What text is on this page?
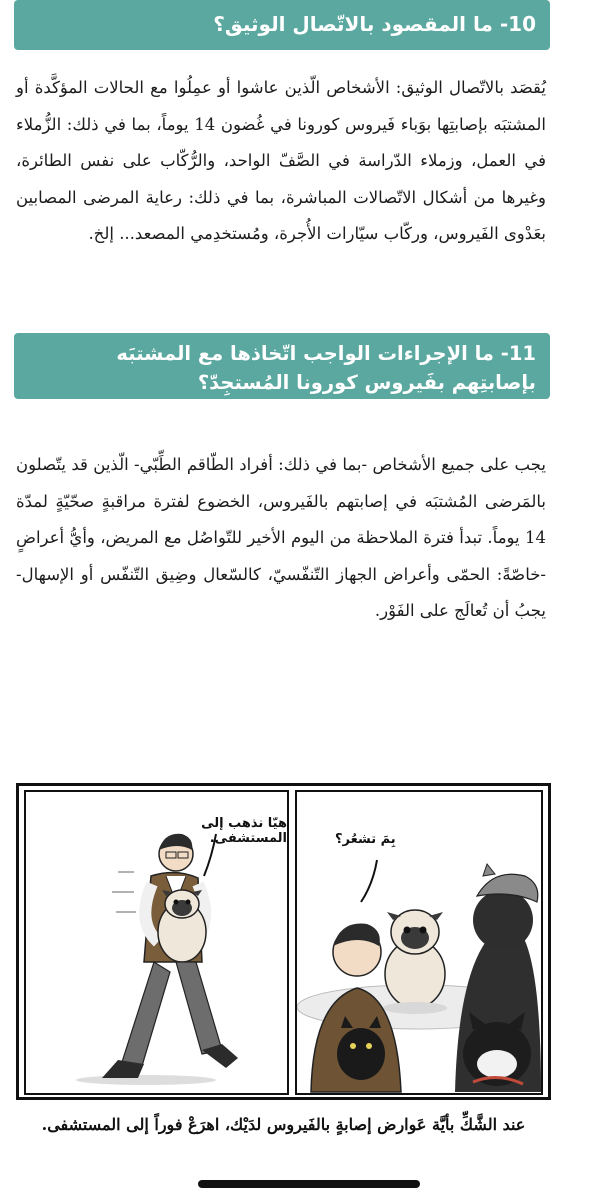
10- ما المقصود بالاتّصال الوثيق؟
يُقصَد بالاتّصال الوثيق: الأشخاص الّذين عاشوا أو عمِلُوا مع الحالات المؤكَّدة أو المشتبَه بإصابتِها بوَباء فَيروس كورونا في غُضون 14 يوماً، بما في ذلك: الزُّملاء في العمل، وزملاء الدّراسة في الصَّفّ الواحد، والرُّكّاب على نفس الطائرة، وغيرها من أشكال الاتّصالات المباشرة، بما في ذلك: رعاية المرضى المصابين بعَدْوى الفَيروس، وركّاب سيّارات الأُجرة، ومُستخدِمي المصعد... إلخ.
11- ما الإجراءات الواجب اتّخاذها مع المشتبَه بإصابتِهم بفَيروس كورونا المُستجِدّ؟
يجب على جميع الأشخاص -بما في ذلك: أفراد الطّاقم الطِّبّي- الّذين قد يتّصلون بالمَرضى المُشتبَه في إصابتهم بالفَيروس، الخضوع لفترة مراقبةٍ صحّيّةٍ لمدّة 14 يوماً. تبدأ فترة الملاحظة من اليوم الأخير للتّواصُل مع المريض، وأيُّ أعراضٍ -خاصّةً: الحمّى وأعراض الجهاز التّنفّسيّ، كالسّعال وضِيق التّنفّس أو الإسهال- يجبُ أن تُعالَج على الفَوْر.
هيّا نذهب إلى المستشفى.	بِمَ تشعُر؟
عند الشَّكِّ بأيَّة عَوارض إصابةٍ بالفَيروس لدَيْك، اهرَعْ فوراً إلى المستشفى.
